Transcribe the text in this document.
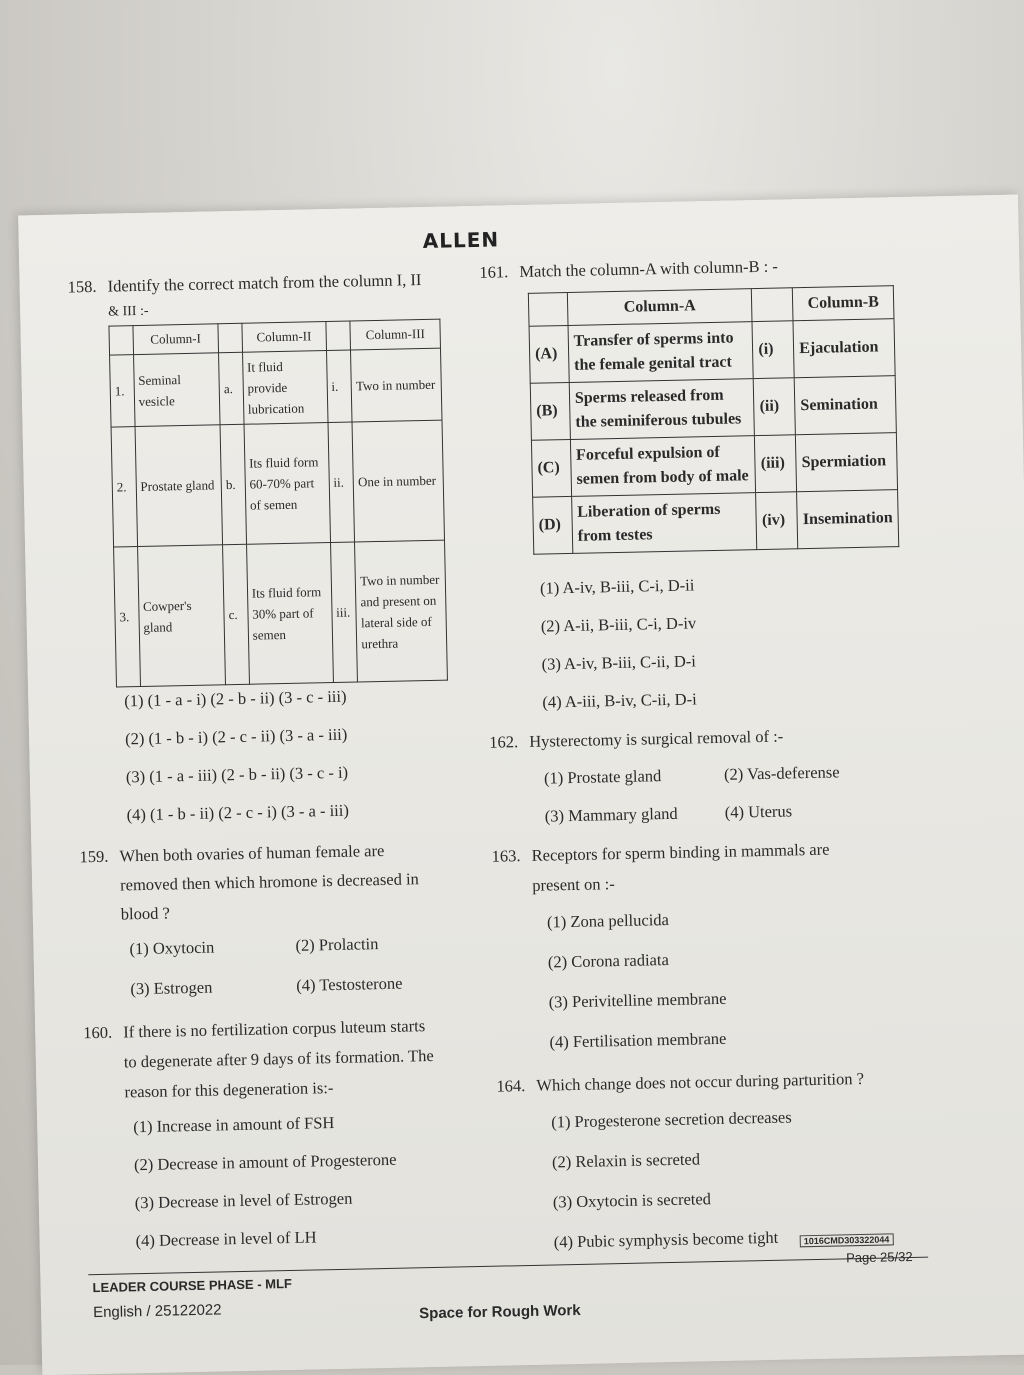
ALLEN
158. Identify the correct match from the column I, II
& III :-
	Column-I		Column-II		Column-III
1.	Seminal vesicle	a.	It fluid provide lubrication	i.	Two in number
2.	Prostate gland	b.	Its fluid form 60-70% part of semen	ii.	One in number
3.	Cowper's gland	c.	Its fluid form 30% part of semen	iii.	Two in number and present on lateral side of urethra
(1) (1 - a - i) (2 - b - ii) (3 - c - iii)
(2) (1 - b - i) (2 - c - ii) (3 - a - iii)
(3) (1 - a - iii) (2 - b - ii) (3 - c - i)
(4) (1 - b - ii) (2 - c - i) (3 - a - iii)
159. When both ovaries of human female are
removed then which hromone is decreased in
blood ?
(1) Oxytocin	(2) Prolactin
(3) Estrogen	(4) Testosterone
160. If there is no fertilization corpus luteum starts
to degenerate after 9 days of its formation. The
reason for this degeneration is:-
(1) Increase in amount of FSH
(2) Decrease in amount of Progesterone
(3) Decrease in level of Estrogen
(4) Decrease in level of LH
161. Match the column-A with column-B : -
	Column-A		Column-B
(A)	Transfer of sperms into the female genital tract	(i)	Ejaculation
(B)	Sperms released from the seminiferous tubules	(ii)	Semination
(C)	Forceful expulsion of semen from body of male	(iii)	Spermiation
(D)	Liberation of sperms from testes	(iv)	Insemination
(1) A-iv, B-iii, C-i, D-ii
(2) A-ii, B-iii, C-i, D-iv
(3) A-iv, B-iii, C-ii, D-i
(4) A-iii, B-iv, C-ii, D-i
162. Hysterectomy is surgical removal of :-
(1) Prostate gland	(2) Vas-deferense
(3) Mammary gland	(4) Uterus
163. Receptors for sperm binding in mammals are
present on :-
(1) Zona pellucida
(2) Corona radiata
(3) Perivitelline membrane
(4) Fertilisation membrane
164. Which change does not occur during parturition ?
(1) Progesterone secretion decreases
(2) Relaxin is secreted
(3) Oxytocin is secreted
(4) Pubic symphysis become tight
LEADER COURSE PHASE - MLF
English / 25122022	Space for Rough Work
1016CMD303322044
Page 25/32
